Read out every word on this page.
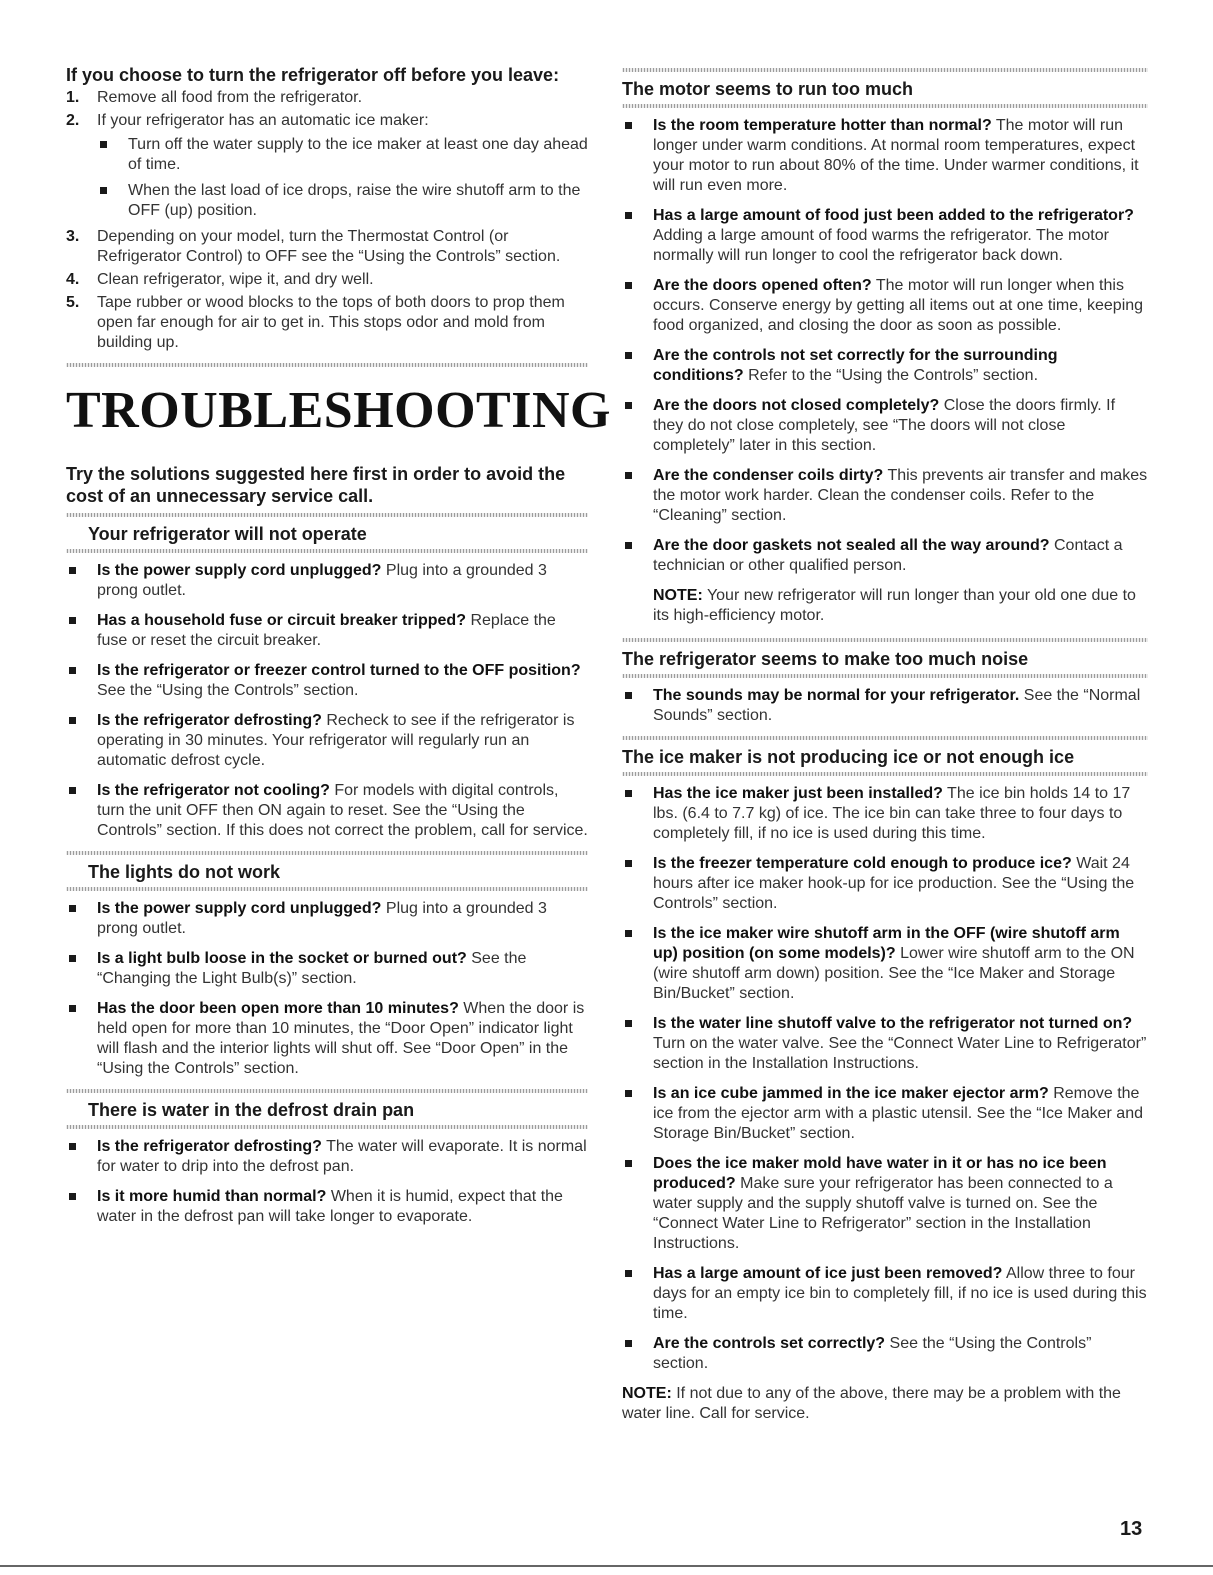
If you choose to turn the refrigerator off before you leave:
1. Remove all food from the refrigerator.
2. If your refrigerator has an automatic ice maker:
Turn off the water supply to the ice maker at least one day ahead of time.
When the last load of ice drops, raise the wire shutoff arm to the OFF (up) position.
3. Depending on your model, turn the Thermostat Control (or Refrigerator Control) to OFF see the “Using the Controls” section.
4. Clean refrigerator, wipe it, and dry well.
5. Tape rubber or wood blocks to the tops of both doors to prop them open far enough for air to get in. This stops odor and mold from building up.
TROUBLESHOOTING
Try the solutions suggested here first in order to avoid the cost of an unnecessary service call.
Your refrigerator will not operate
Is the power supply cord unplugged? Plug into a grounded 3 prong outlet.
Has a household fuse or circuit breaker tripped? Replace the fuse or reset the circuit breaker.
Is the refrigerator or freezer control turned to the OFF position? See the “Using the Controls” section.
Is the refrigerator defrosting? Recheck to see if the refrigerator is operating in 30 minutes. Your refrigerator will regularly run an automatic defrost cycle.
Is the refrigerator not cooling? For models with digital controls, turn the unit OFF then ON again to reset. See the “Using the Controls” section. If this does not correct the problem, call for service.
The lights do not work
Is the power supply cord unplugged? Plug into a grounded 3 prong outlet.
Is a light bulb loose in the socket or burned out? See the “Changing the Light Bulb(s)” section.
Has the door been open more than 10 minutes? When the door is held open for more than 10 minutes, the “Door Open” indicator light will flash and the interior lights will shut off. See “Door Open” in the “Using the Controls” section.
There is water in the defrost drain pan
Is the refrigerator defrosting? The water will evaporate. It is normal for water to drip into the defrost pan.
Is it more humid than normal? When it is humid, expect that the water in the defrost pan will take longer to evaporate.
The motor seems to run too much
Is the room temperature hotter than normal? The motor will run longer under warm conditions. At normal room temperatures, expect your motor to run about 80% of the time. Under warmer conditions, it will run even more.
Has a large amount of food just been added to the refrigerator? Adding a large amount of food warms the refrigerator. The motor normally will run longer to cool the refrigerator back down.
Are the doors opened often? The motor will run longer when this occurs. Conserve energy by getting all items out at one time, keeping food organized, and closing the door as soon as possible.
Are the controls not set correctly for the surrounding conditions? Refer to the “Using the Controls” section.
Are the doors not closed completely? Close the doors firmly. If they do not close completely, see “The doors will not close completely” later in this section.
Are the condenser coils dirty? This prevents air transfer and makes the motor work harder. Clean the condenser coils. Refer to the “Cleaning” section.
Are the door gaskets not sealed all the way around? Contact a technician or other qualified person.
NOTE: Your new refrigerator will run longer than your old one due to its high-efficiency motor.
The refrigerator seems to make too much noise
The sounds may be normal for your refrigerator. See the “Normal Sounds” section.
The ice maker is not producing ice or not enough ice
Has the ice maker just been installed? The ice bin holds 14 to 17 lbs. (6.4 to 7.7 kg) of ice. The ice bin can take three to four days to completely fill, if no ice is used during this time.
Is the freezer temperature cold enough to produce ice? Wait 24 hours after ice maker hook-up for ice production. See the “Using the Controls” section.
Is the ice maker wire shutoff arm in the OFF (wire shutoff arm up) position (on some models)? Lower wire shutoff arm to the ON (wire shutoff arm down) position. See the “Ice Maker and Storage Bin/Bucket” section.
Is the water line shutoff valve to the refrigerator not turned on? Turn on the water valve. See the “Connect Water Line to Refrigerator” section in the Installation Instructions.
Is an ice cube jammed in the ice maker ejector arm? Remove the ice from the ejector arm with a plastic utensil. See the “Ice Maker and Storage Bin/Bucket” section.
Does the ice maker mold have water in it or has no ice been produced? Make sure your refrigerator has been connected to a water supply and the supply shutoff valve is turned on. See the “Connect Water Line to Refrigerator” section in the Installation Instructions.
Has a large amount of ice just been removed? Allow three to four days for an empty ice bin to completely fill, if no ice is used during this time.
Are the controls set correctly? See the “Using the Controls” section.
NOTE: If not due to any of the above, there may be a problem with the water line. Call for service.
13
